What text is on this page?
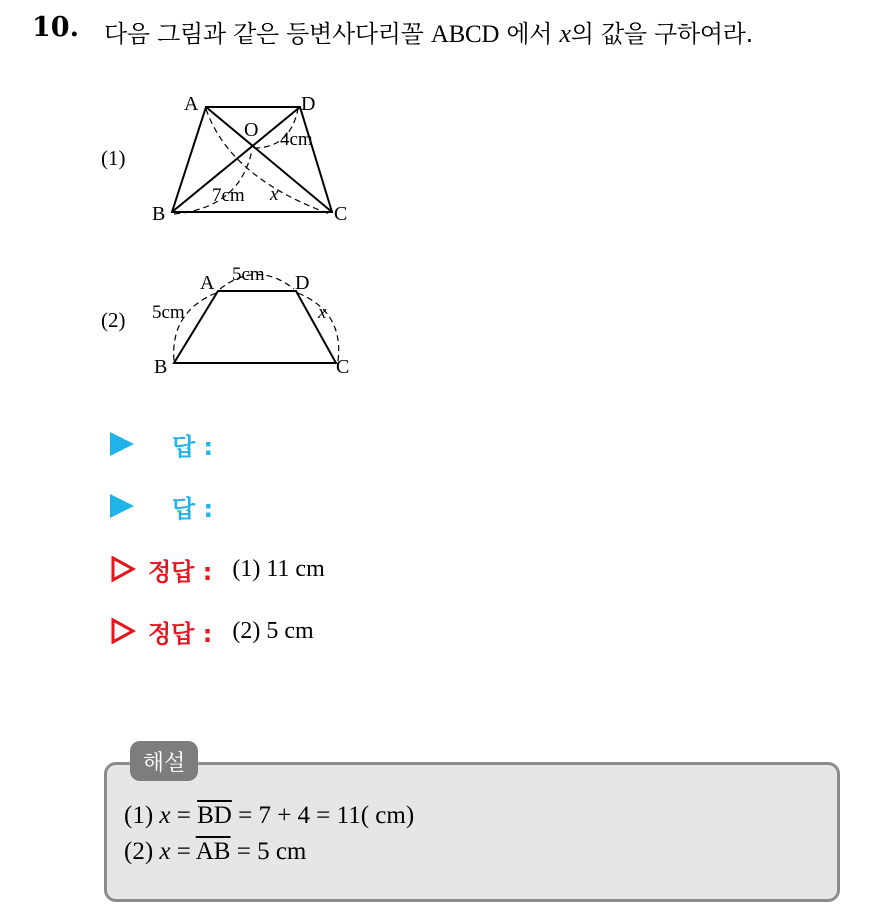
10. 다음 그림과 같은 등변사다리꼴 ABCD 에서 x의 값을 구하여라.
(1)
A	D
B	C
O 4cm
7cm x
(2)
A	D
B	C
5cm
5cm	x
답 :
답 :
정답 : (1) 11 cm
정답 : (2) 5 cm
해설
(1) $x = \overline{BD} = 7 + 4 = 11$( cm)
(2) $x = \overline{AB} = 5$ cm
